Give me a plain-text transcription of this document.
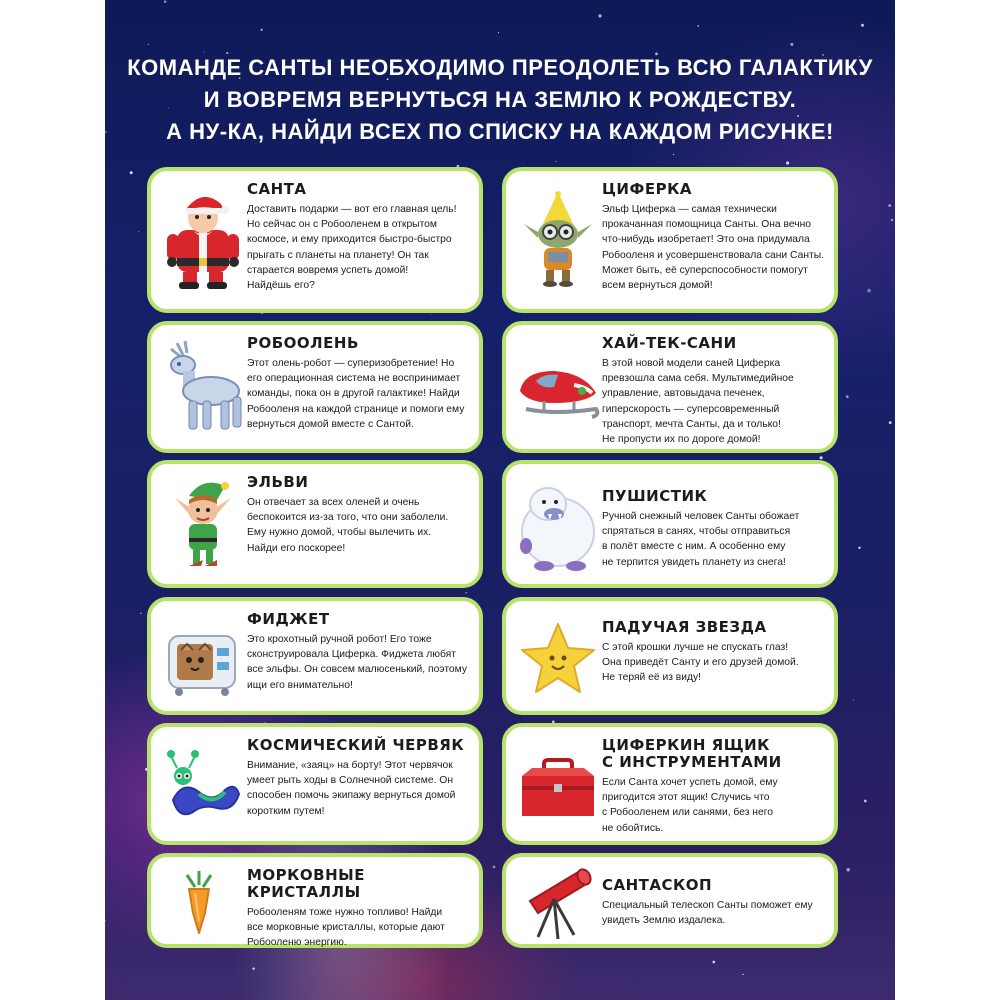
КОМАНДЕ САНТЫ НЕОБХОДИМО ПРЕОДОЛЕТЬ ВСЮ ГАЛАКТИКУ
И ВОВРЕМЯ ВЕРНУТЬСЯ НА ЗЕМЛЮ К РОЖДЕСТВУ.
А НУ-КА, НАЙДИ ВСЕХ ПО СПИСКУ НА КАЖДОМ РИСУНКЕ!

САНТА

Доставить подарки — вот его главная цель!
Но сейчас он с Робооленем в открытом
космосе, и ему приходится быстро-быстро
прыгать с планеты на планету! Он так
старается вовремя успеть домой!
Найдёшь его?

ЦИФЕРКА

Эльф Циферка — самая технически
прокачанная помощница Санты. Она вечно
что-нибудь изобретает! Это она придумала
Робооленя и усовершенствовала сани Санты.
Может быть, её суперспособности помогут
всем вернуться домой!

РОБООЛЕНЬ

Этот олень-робот — суперизобретение! Но
его операционная система не воспринимает
команды, пока он в другой галактике! Найди
Робооленя на каждой странице и помоги ему
вернуться домой вместе с Сантой.

ХАЙ-ТЕК-САНИ

В этой новой модели саней Циферка
превзошла сама себя. Мультимедийное
управление, автовыдача печенек,
гиперскорость — суперсовременный
транспорт, мечта Санты, да и только!
Не пропусти их по дороге домой!

ЭЛЬВИ

Он отвечает за всех оленей и очень
беспокоится из-за того, что они заболели.
Ему нужно домой, чтобы вылечить их.
Найди его поскорее!

ПУШИСТИК

Ручной снежный человек Санты обожает
спрятаться в санях, чтобы отправиться
в полёт вместе с ним. А особенно ему
не терпится увидеть планету из снега!

ФИДЖЕТ

Это крохотный ручной робот! Его тоже
сконструировала Циферка. Фиджета любят
все эльфы. Он совсем малюсенький, поэтому
ищи его внимательно!

ПАДУЧАЯ ЗВЕЗДА

С этой крошки лучше не спускать глаз!
Она приведёт Санту и его друзей домой.
Не теряй её из виду!

КОСМИЧЕСКИЙ ЧЕРВЯК

Внимание, «заяц» на борту! Этот червячок
умеет рыть ходы в Солнечной системе. Он
способен помочь экипажу вернуться домой
коротким путем!

ЦИФЕРКИН ЯЩИК

С ИНСТРУМЕНТАМИ

Если Санта хочет успеть домой, ему
пригодится этот ящик! Случись что
с Робооленем или санями, без него
не обойтись.

МОРКОВНЫЕ КРИСТАЛЛЫ

Робооленям тоже нужно топливо! Найди
все морковные кристаллы, которые дают
Робооленю энергию.

САНТАСКОП

Специальный телескоп Санты поможет ему
увидеть Землю издалека.
